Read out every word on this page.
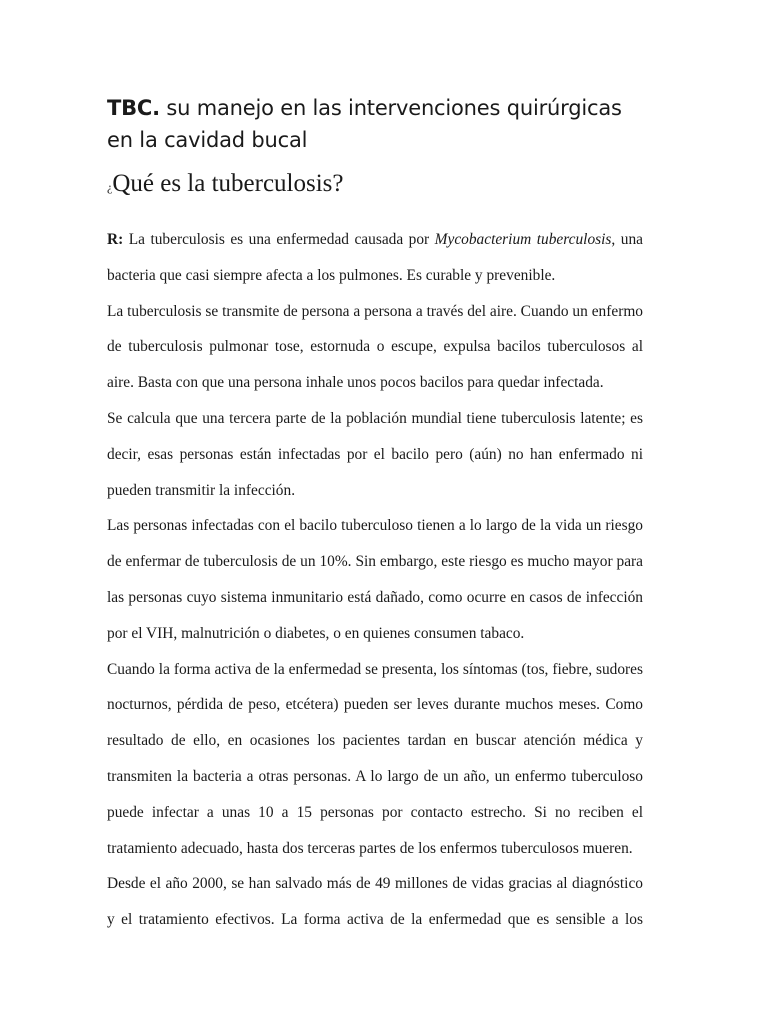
TBC. su manejo en las intervenciones quirúrgicas en la cavidad bucal
¿Qué es la tuberculosis?

R: La tuberculosis es una enfermedad causada por Mycobacterium tuberculosis, una bacteria que casi siempre afecta a los pulmones. Es curable y prevenible.

La tuberculosis se transmite de persona a persona a través del aire. Cuando un enfermo de tuberculosis pulmonar tose, estornuda o escupe, expulsa bacilos tuberculosos al aire. Basta con que una persona inhale unos pocos bacilos para quedar infectada.

Se calcula que una tercera parte de la población mundial tiene tuberculosis latente; es decir, esas personas están infectadas por el bacilo pero (aún) no han enfermado ni pueden transmitir la infección.

Las personas infectadas con el bacilo tuberculoso tienen a lo largo de la vida un riesgo de enfermar de tuberculosis de un 10%. Sin embargo, este riesgo es mucho mayor para las personas cuyo sistema inmunitario está dañado, como ocurre en casos de infección por el VIH, malnutrición o diabetes, o en quienes consumen tabaco.

Cuando la forma activa de la enfermedad se presenta, los síntomas (tos, fiebre, sudores nocturnos, pérdida de peso, etcétera) pueden ser leves durante muchos meses. Como resultado de ello, en ocasiones los pacientes tardan en buscar atención médica y transmiten la bacteria a otras personas. A lo largo de un año, un enfermo tuberculoso puede infectar a unas 10 a 15 personas por contacto estrecho. Si no reciben el tratamiento adecuado, hasta dos terceras partes de los enfermos tuberculosos mueren.

Desde el año 2000, se han salvado más de 49 millones de vidas gracias al diagnóstico y el tratamiento efectivos. La forma activa de la enfermedad que es sensible a los
